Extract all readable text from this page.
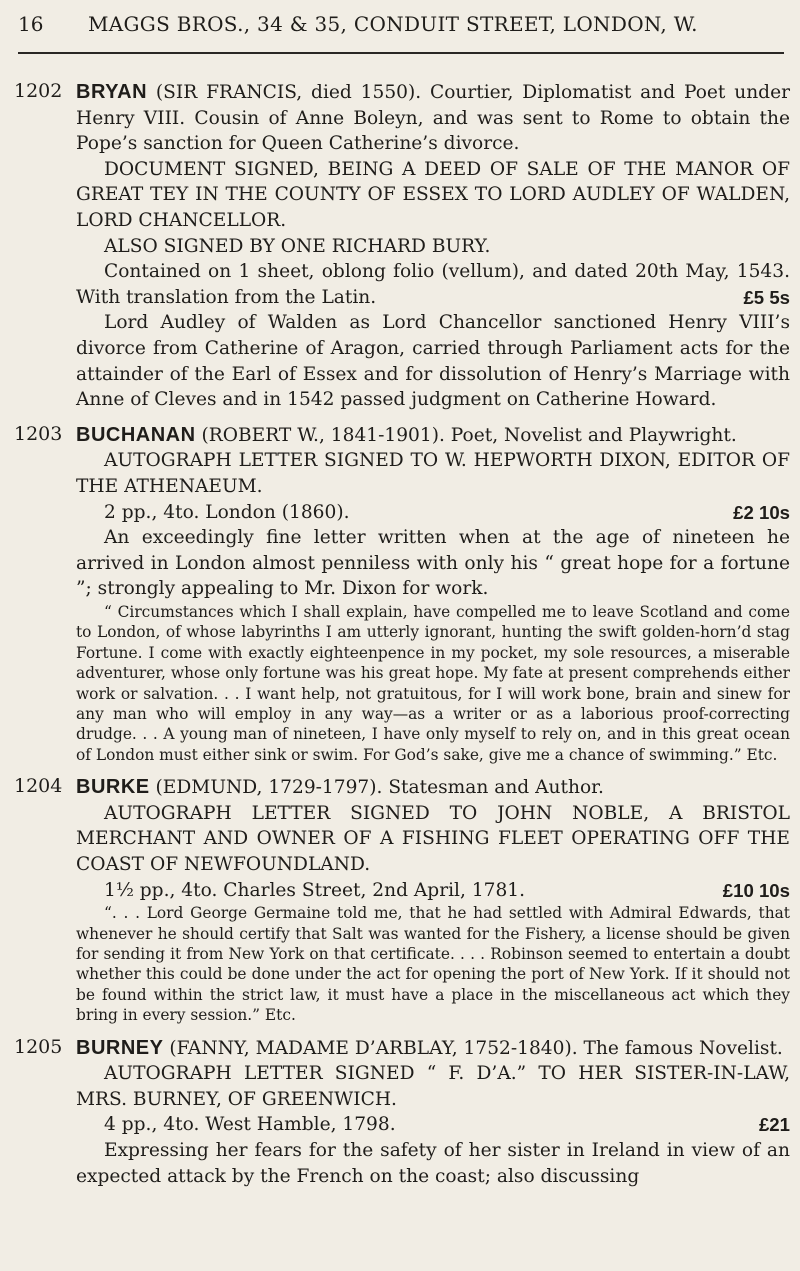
16	MAGGS BROS., 34 & 35, CONDUIT STREET, LONDON, W.
1202 BRYAN (SIR FRANCIS, died 1550). Courtier, Diplomatist and Poet under Henry VIII. Cousin of Anne Boleyn, and was sent to Rome to obtain the Pope’s sanction for Queen Catherine’s divorce.

DOCUMENT SIGNED, BEING A DEED OF SALE OF THE MANOR OF GREAT TEY IN THE COUNTY OF ESSEX TO LORD AUDLEY OF WALDEN, LORD CHANCELLOR.

ALSO SIGNED BY ONE RICHARD BURY.

Contained on 1 sheet, oblong folio (vellum), and dated 20th May, 1543. With translation from the Latin.	£5 5s

Lord Audley of Walden as Lord Chancellor sanctioned Henry VIII’s divorce from Catherine of Aragon, carried through Parliament acts for the attainder of the Earl of Essex and for dissolution of Henry’s Marriage with Anne of Cleves and in 1542 passed judgment on Catherine Howard.

1203 BUCHANAN (ROBERT W., 1841-1901). Poet, Novelist and Playwright.

AUTOGRAPH LETTER SIGNED TO W. HEPWORTH DIXON, EDITOR OF THE ATHENAEUM.

2 pp., 4to. London (1860).	£2 10s

An exceedingly fine letter written when at the age of nineteen he arrived in London almost penniless with only his “ great hope for a fortune ”; strongly appealing to Mr. Dixon for work.

“ Circumstances which I shall explain, have compelled me to leave Scotland and come to London, of whose labyrinths I am utterly ignorant, hunting the swift golden-horn’d stag Fortune. I come with exactly eighteenpence in my pocket, my sole resources, a miserable adventurer, whose only fortune was his great hope. My fate at present comprehends either work or salvation. . . I want help, not gratuitous, for I will work bone, brain and sinew for any man who will employ in any way—as a writer or as a laborious proof-correcting drudge. . . A young man of nineteen, I have only myself to rely on, and in this great ocean of London must either sink or swim. For God’s sake, give me a chance of swimming.” Etc.

1204 BURKE (EDMUND, 1729-1797). Statesman and Author.

AUTOGRAPH LETTER SIGNED TO JOHN NOBLE, A BRISTOL MERCHANT AND OWNER OF A FISHING FLEET OPERATING OFF THE COAST OF NEWFOUNDLAND.

1½ pp., 4to. Charles Street, 2nd April, 1781.	£10 10s

“. . . Lord George Germaine told me, that he had settled with Admiral Edwards, that whenever he should certify that Salt was wanted for the Fishery, a license should be given for sending it from New York on that certificate. . . . Robinson seemed to entertain a doubt whether this could be done under the act for opening the port of New York. If it should not be found within the strict law, it must have a place in the miscellaneous act which they bring in every session.” Etc.

1205 BURNEY (FANNY, MADAME D’ARBLAY, 1752-1840). The famous Novelist.

AUTOGRAPH LETTER SIGNED “ F. D’A.” TO HER SISTER-IN-LAW, MRS. BURNEY, OF GREENWICH.

4 pp., 4to. West Hamble, 1798.	£21

Expressing her fears for the safety of her sister in Ireland in view of an expected attack by the French on the coast; also discussing
